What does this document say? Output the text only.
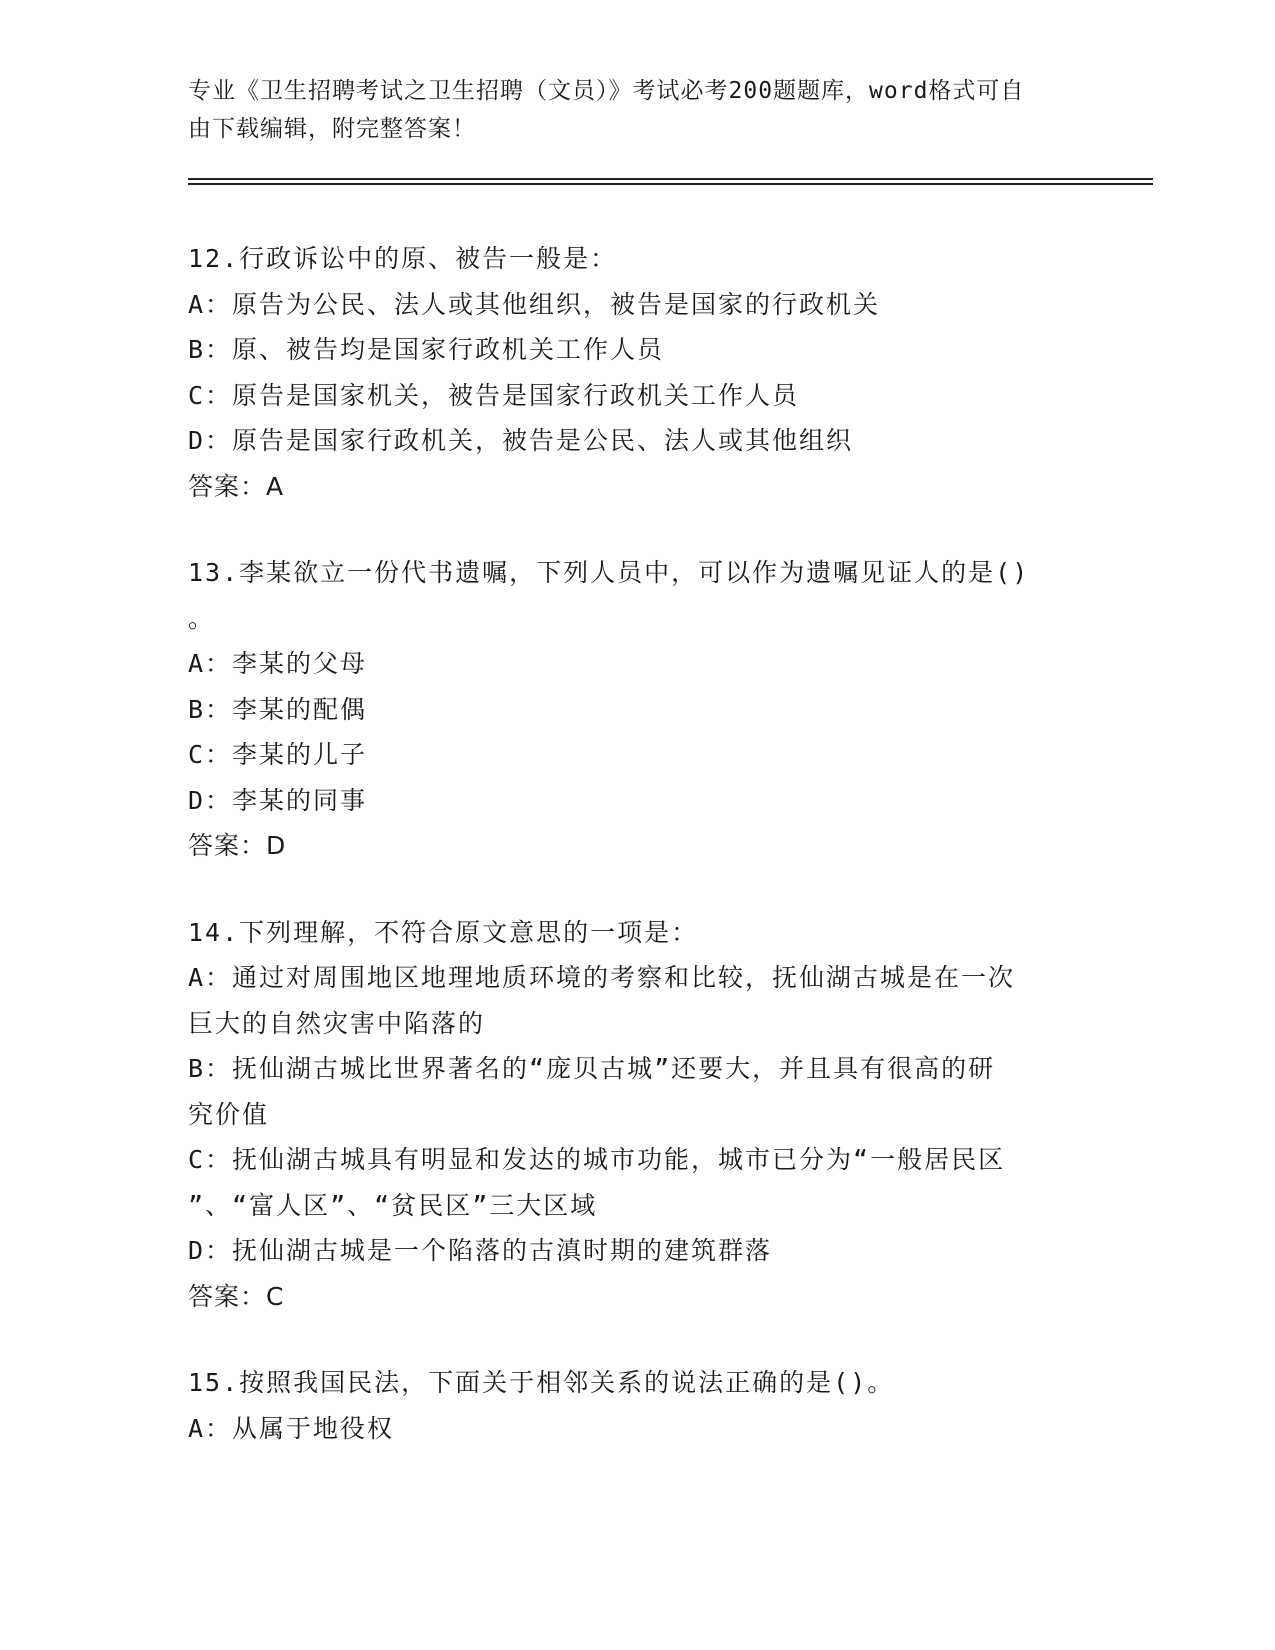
专业《卫生招聘考试之卫生招聘（文员）》考试必考200题题库，word格式可自
由下载编辑，附完整答案！
12.行政诉讼中的原、被告一般是：
A：原告为公民、法人或其他组织，被告是国家的行政机关
B：原、被告均是国家行政机关工作人员
C：原告是国家机关，被告是国家行政机关工作人员
D：原告是国家行政机关，被告是公民、法人或其他组织
答案：A
13.李某欲立一份代书遗嘱，下列人员中，可以作为遗嘱见证人的是()
。
A：李某的父母
B：李某的配偶
C：李某的儿子
D：李某的同事
答案：D
14.下列理解，不符合原文意思的一项是：
A：通过对周围地区地理地质环境的考察和比较，抚仙湖古城是在一次
巨大的自然灾害中陷落的
B：抚仙湖古城比世界著名的“庞贝古城”还要大，并且具有很高的研
究价值
C：抚仙湖古城具有明显和发达的城市功能，城市已分为“一般居民区
”、“富人区”、“贫民区”三大区域
D：抚仙湖古城是一个陷落的古滇时期的建筑群落
答案：C
15.按照我国民法，下面关于相邻关系的说法正确的是()。
A：从属于地役权
